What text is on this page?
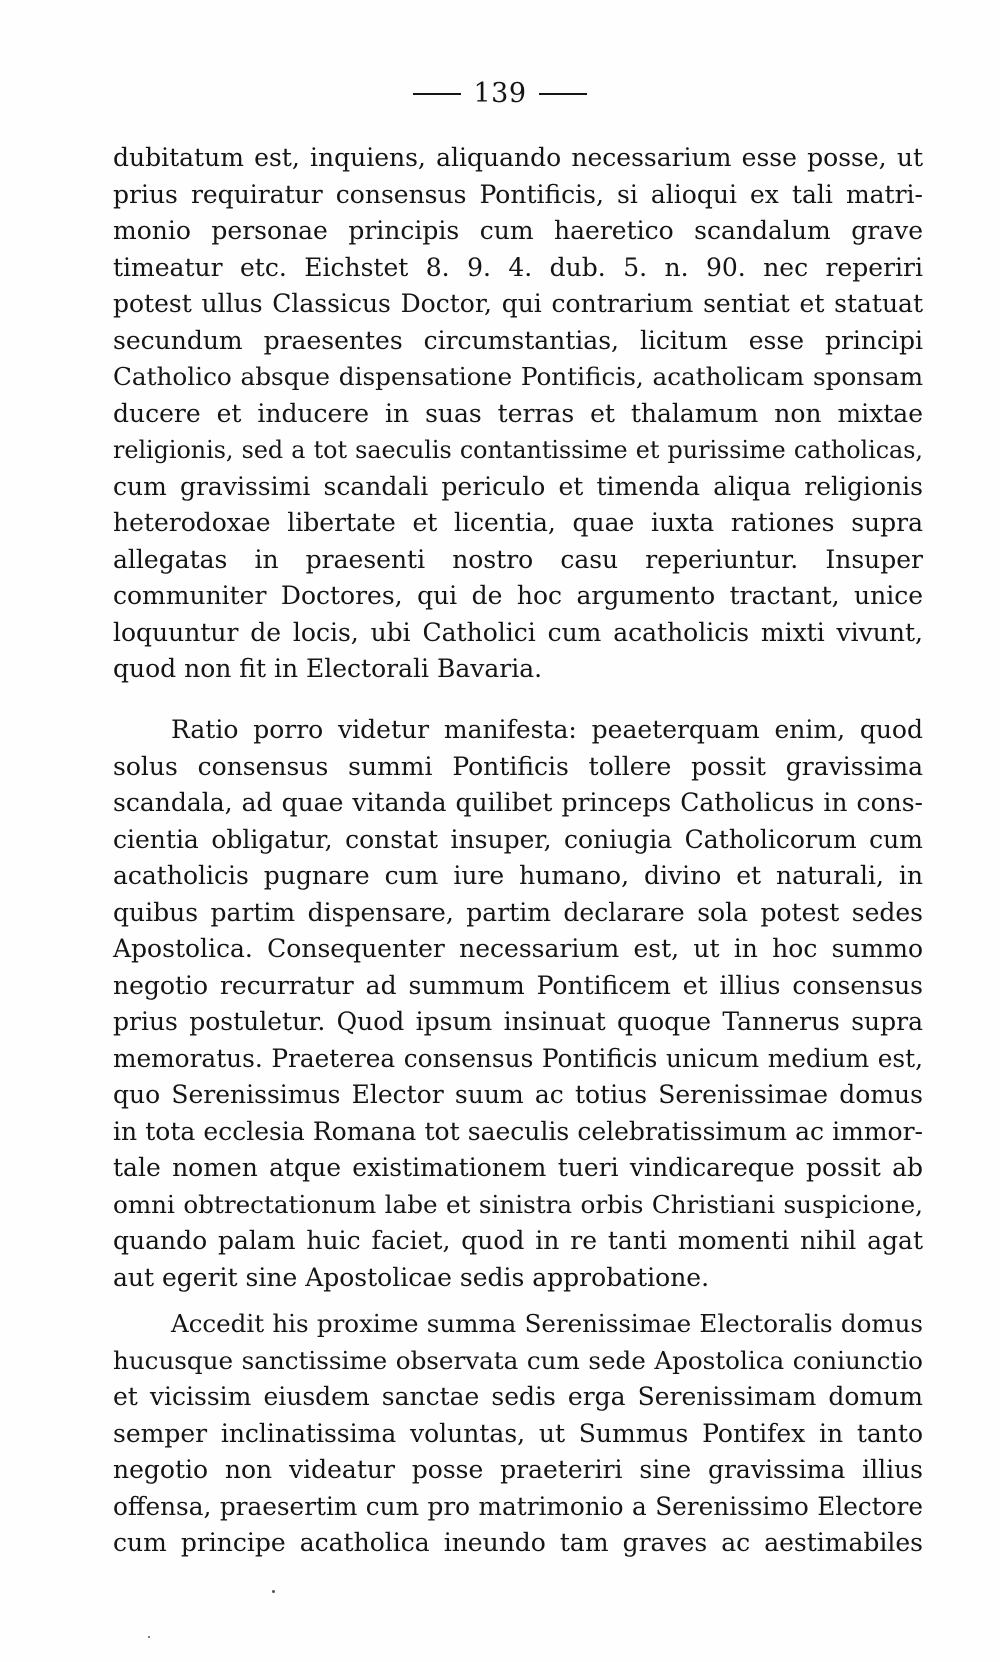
139
dubitatum est, inquiens, aliquando necessarium esse posse, ut
prius requiratur consensus Pontificis, si alioqui ex tali matri-
monio personae principis cum haeretico scandalum grave
timeatur etc. Eichstet 8. 9. 4. dub. 5. n. 90. nec reperiri
potest ullus Classicus Doctor, qui contrarium sentiat et statuat
secundum praesentes circumstantias, licitum esse principi
Catholico absque dispensatione Pontificis, acatholicam sponsam
ducere et inducere in suas terras et thalamum non mixtae
religionis, sed a tot saeculis contantissime et purissime catholicas,
cum gravissimi scandali periculo et timenda aliqua religionis
heterodoxae libertate et licentia, quae iuxta rationes supra
allegatas in praesenti nostro casu reperiuntur. Insuper
communiter Doctores, qui de hoc argumento tractant, unice
loquuntur de locis, ubi Catholici cum acatholicis mixti vivunt,
quod non fit in Electorali Bavaria.
Ratio porro videtur manifesta: peaeterquam enim, quod
solus consensus summi Pontificis tollere possit gravissima
scandala, ad quae vitanda quilibet princeps Catholicus in cons-
cientia obligatur, constat insuper, coniugia Catholicorum cum
acatholicis pugnare cum iure humano, divino et naturali, in
quibus partim dispensare, partim declarare sola potest sedes
Apostolica. Consequenter necessarium est, ut in hoc summo
negotio recurratur ad summum Pontificem et illius consensus
prius postuletur. Quod ipsum insinuat quoque Tannerus supra
memoratus. Praeterea consensus Pontificis unicum medium est,
quo Serenissimus Elector suum ac totius Serenissimae domus
in tota ecclesia Romana tot saeculis celebratissimum ac immor-
tale nomen atque existimationem tueri vindicareque possit ab
omni obtrectationum labe et sinistra orbis Christiani suspicione,
quando palam huic faciet, quod in re tanti momenti nihil agat
aut egerit sine Apostolicae sedis approbatione.
Accedit his proxime summa Serenissimae Electoralis domus
hucusque sanctissime observata cum sede Apostolica coniunctio
et vicissim eiusdem sanctae sedis erga Serenissimam domum
semper inclinatissima voluntas, ut Summus Pontifex in tanto
negotio non videatur posse praeteriri sine gravissima illius
offensa, praesertim cum pro matrimonio a Serenissimo Electore
cum principe acatholica ineundo tam graves ac aestimabiles
